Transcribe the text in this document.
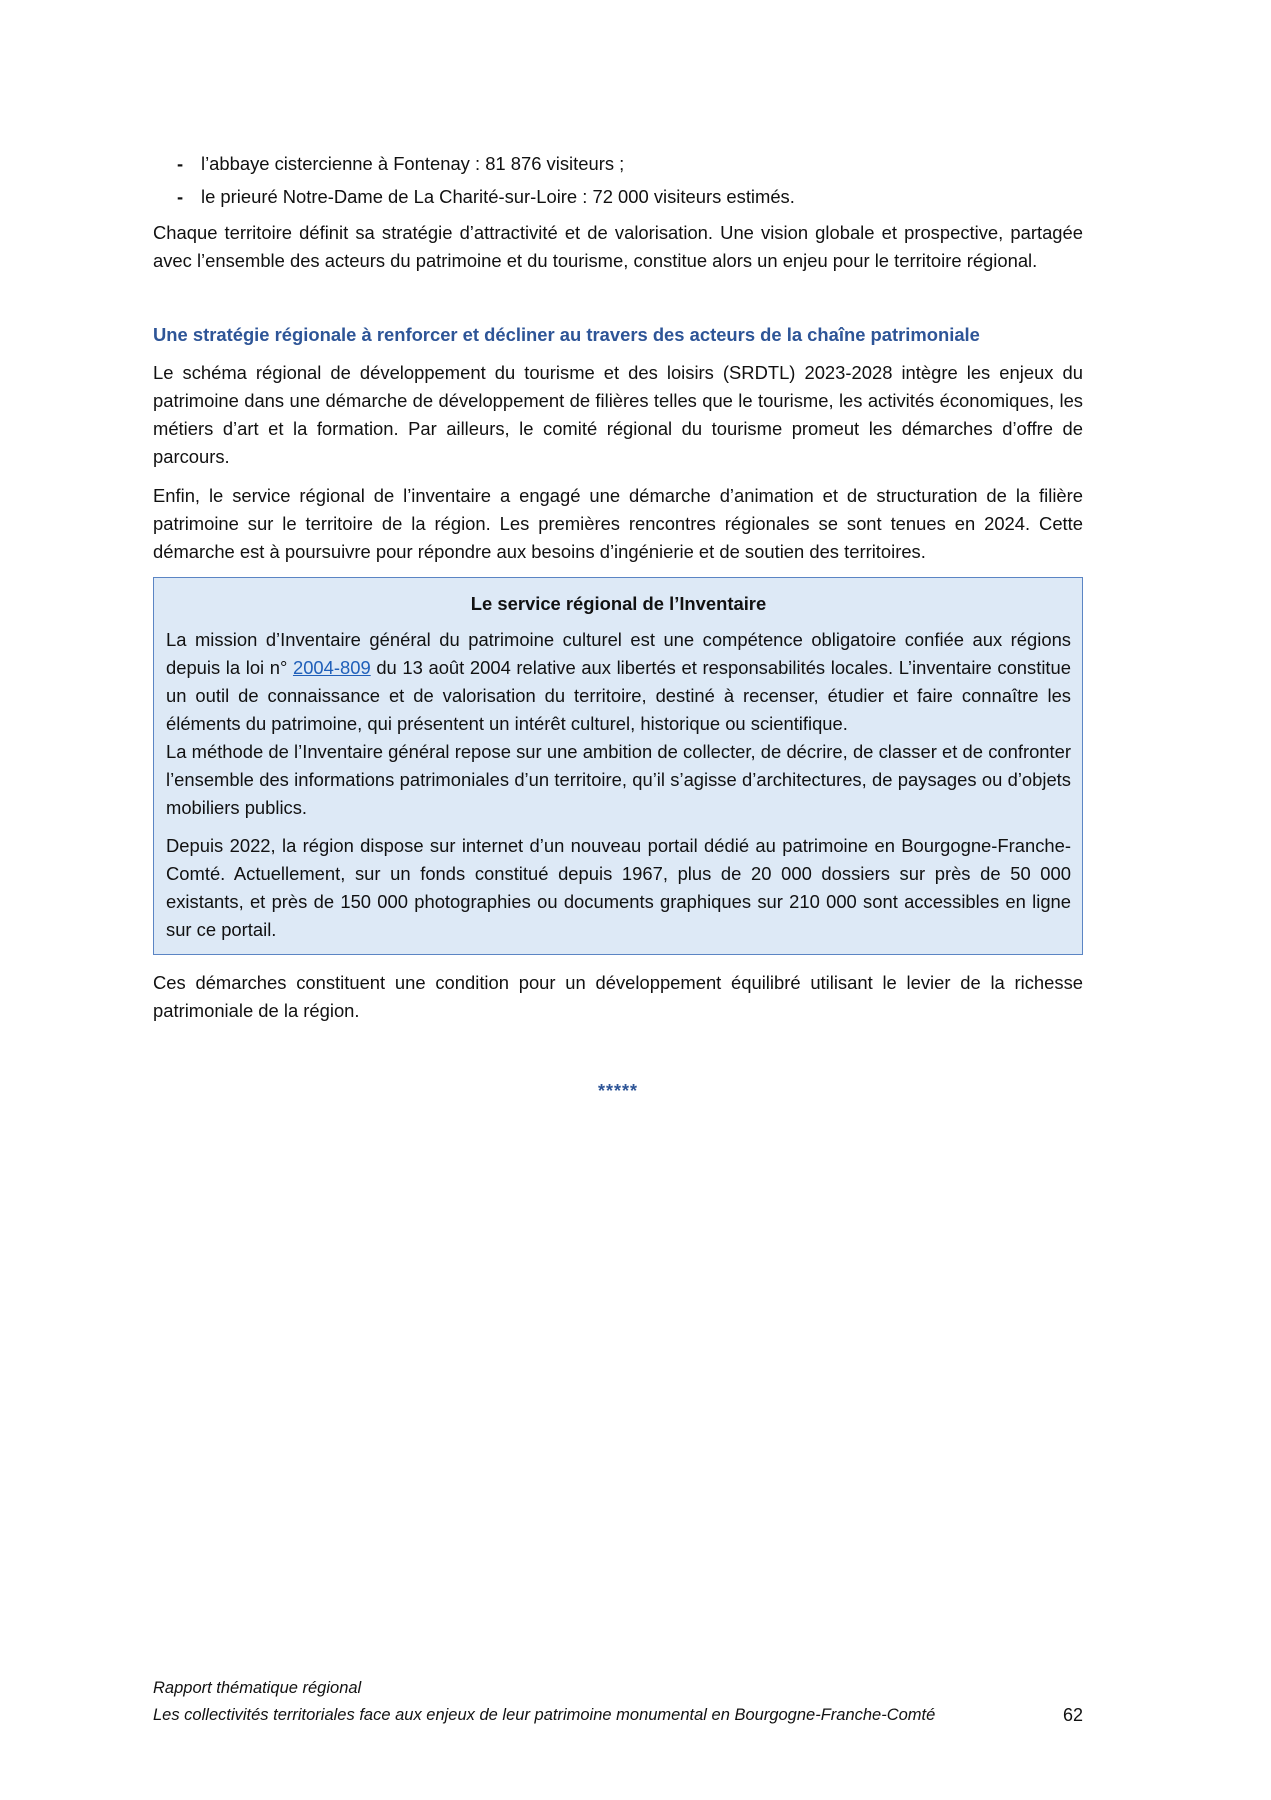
- l’abbaye cistercienne à Fontenay : 81 876 visiteurs ;
- le prieuré Notre-Dame de La Charité-sur-Loire : 72 000 visiteurs estimés.

Chaque territoire définit sa stratégie d’attractivité et de valorisation. Une vision globale et prospective, partagée avec l’ensemble des acteurs du patrimoine et du tourisme, constitue alors un enjeu pour le territoire régional.

Une stratégie régionale à renforcer et décliner au travers des acteurs de la chaîne patrimoniale

Le schéma régional de développement du tourisme et des loisirs (SRDTL) 2023-2028 intègre les enjeux du patrimoine dans une démarche de développement de filières telles que le tourisme, les activités économiques, les métiers d’art et la formation. Par ailleurs, le comité régional du tourisme promeut les démarches d’offre de parcours.

Enfin, le service régional de l’inventaire a engagé une démarche d’animation et de structuration de la filière patrimoine sur le territoire de la région. Les premières rencontres régionales se sont tenues en 2024. Cette démarche est à poursuivre pour répondre aux besoins d’ingénierie et de soutien des territoires.

Le service régional de l’Inventaire

La mission d’Inventaire général du patrimoine culturel est une compétence obligatoire confiée aux régions depuis la loi n° 2004-809 du 13 août 2004 relative aux libertés et responsabilités locales. L’inventaire constitue un outil de connaissance et de valorisation du territoire, destiné à recenser, étudier et faire connaître les éléments du patrimoine, qui présentent un intérêt culturel, historique ou scientifique.

La méthode de l’Inventaire général repose sur une ambition de collecter, de décrire, de classer et de confronter l’ensemble des informations patrimoniales d’un territoire, qu’il s’agisse d’architectures, de paysages ou d’objets mobiliers publics.

Depuis 2022, la région dispose sur internet d’un nouveau portail dédié au patrimoine en Bourgogne-Franche-Comté. Actuellement, sur un fonds constitué depuis 1967, plus de 20 000 dossiers sur près de 50 000 existants, et près de 150 000 photographies ou documents graphiques sur 210 000 sont accessibles en ligne sur ce portail.

Ces démarches constituent une condition pour un développement équilibré utilisant le levier de la richesse patrimoniale de la région.

*****
Rapport thématique régional
Les collectivités territoriales face aux enjeux de leur patrimoine monumental en Bourgogne-Franche-Comté	62
